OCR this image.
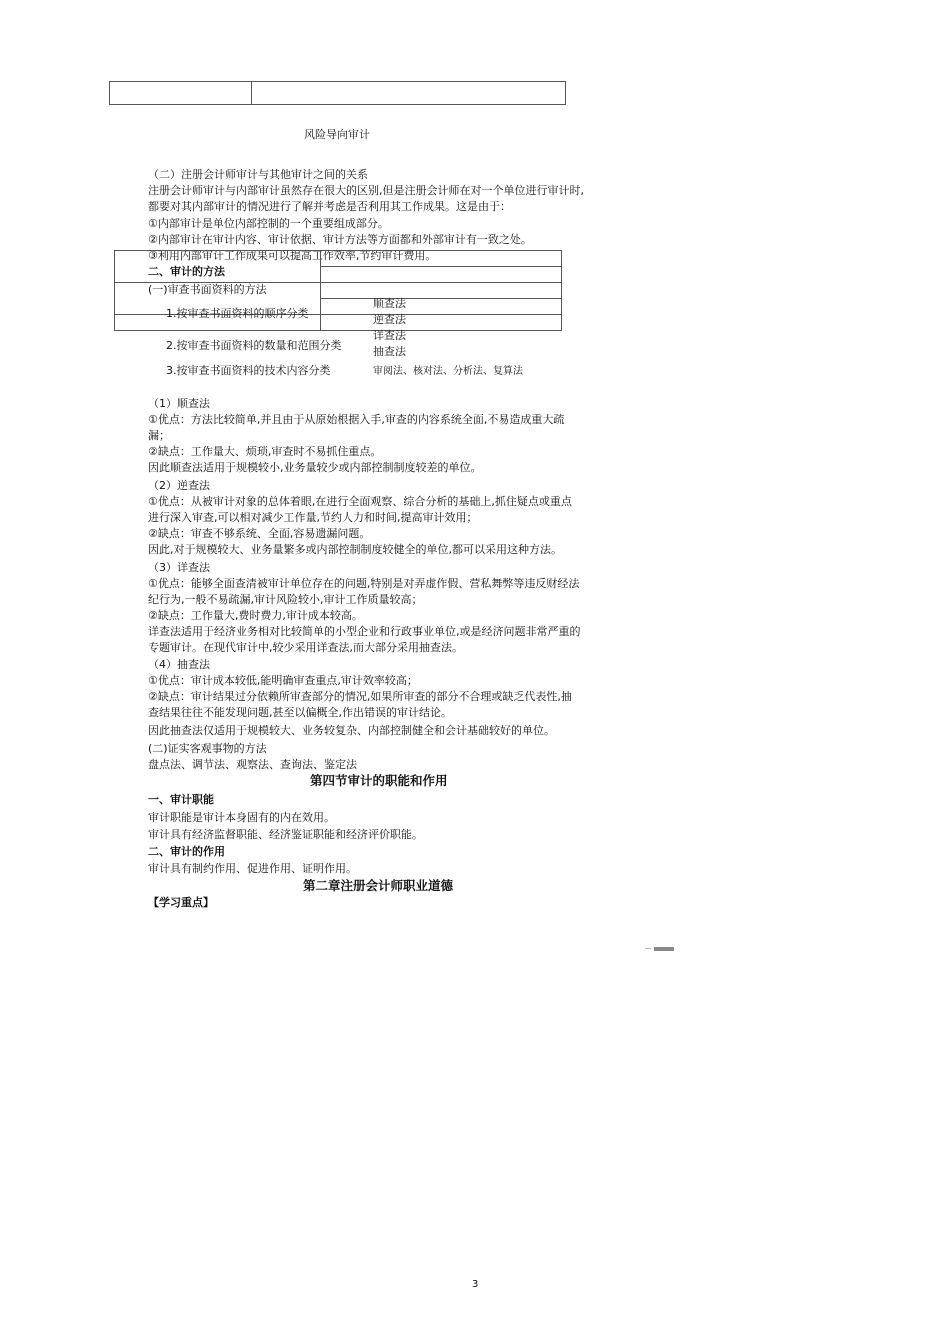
风险导向审计
（二）注册会计师审计与其他审计之间的关系
注册会计师审计与内部审计虽然存在很大的区别,但是注册会计师在对一个单位进行审计时,
都要对其内部审计的情况进行了解并考虑是否利用其工作成果。这是由于：
①内部审计是单位内部控制的一个重要组成部分。
②内部审计在审计内容、审计依据、审计方法等方面都和外部审计有一致之处。
③利用内部审计工作成果可以提高工作效率,节约审计费用。
二、审计的方法
(一)审查书面资料的方法
1.按审查书面资料的顺序分类
2.按审查书面资料的数量和范围分类
3.按审查书面资料的技术内容分类
顺查法
逆查法
详查法
抽查法
审阅法、核对法、分析法、复算法
（1）顺查法
①优点：方法比较简单,并且由于从原始根据入手,审查的内容系统全面,不易造成重大疏
漏；
②缺点：工作量大、烦琐,审查时不易抓住重点。
因此顺查法适用于规模较小,业务量较少或内部控制制度较差的单位。
（2）逆查法
①优点：从被审计对象的总体着眼,在进行全面观察、综合分析的基础上,抓住疑点或重点
进行深入审查,可以相对减少工作量,节约人力和时间,提高审计效用；
②缺点：审查不够系统、全面,容易遗漏问题。
因此,对于规模较大、业务量繁多或内部控制制度较健全的单位,都可以采用这种方法。
（3）详查法
①优点：能够全面查清被审计单位存在的问题,特别是对弄虚作假、营私舞弊等违反财经法
纪行为,一般不易疏漏,审计风险较小,审计工作质量较高；
②缺点：工作量大,费时费力,审计成本较高。
详查法适用于经济业务相对比较简单的小型企业和行政事业单位,或是经济问题非常严重的
专题审计。在现代审计中,较少采用详查法,而大部分采用抽查法。
（4）抽查法
①优点：审计成本较低,能明确审查重点,审计效率较高；
②缺点：审计结果过分依赖所审查部分的情况,如果所审查的部分不合理或缺乏代表性,抽
查结果往往不能发现问题,甚至以偏概全,作出错误的审计结论。
因此抽查法仅适用于规模较大、业务较复杂、内部控制健全和会计基础较好的单位。
(二)证实客观事物的方法
盘点法、调节法、观察法、查询法、鉴定法
第四节审计的职能和作用
一、审计职能
审计职能是审计本身固有的内在效用。
审计具有经济监督职能、经济鉴证职能和经济评价职能。
二、审计的作用
审计具有制约作用、促进作用、证明作用。
第二章注册会计师职业道德
【学习重点】
3
